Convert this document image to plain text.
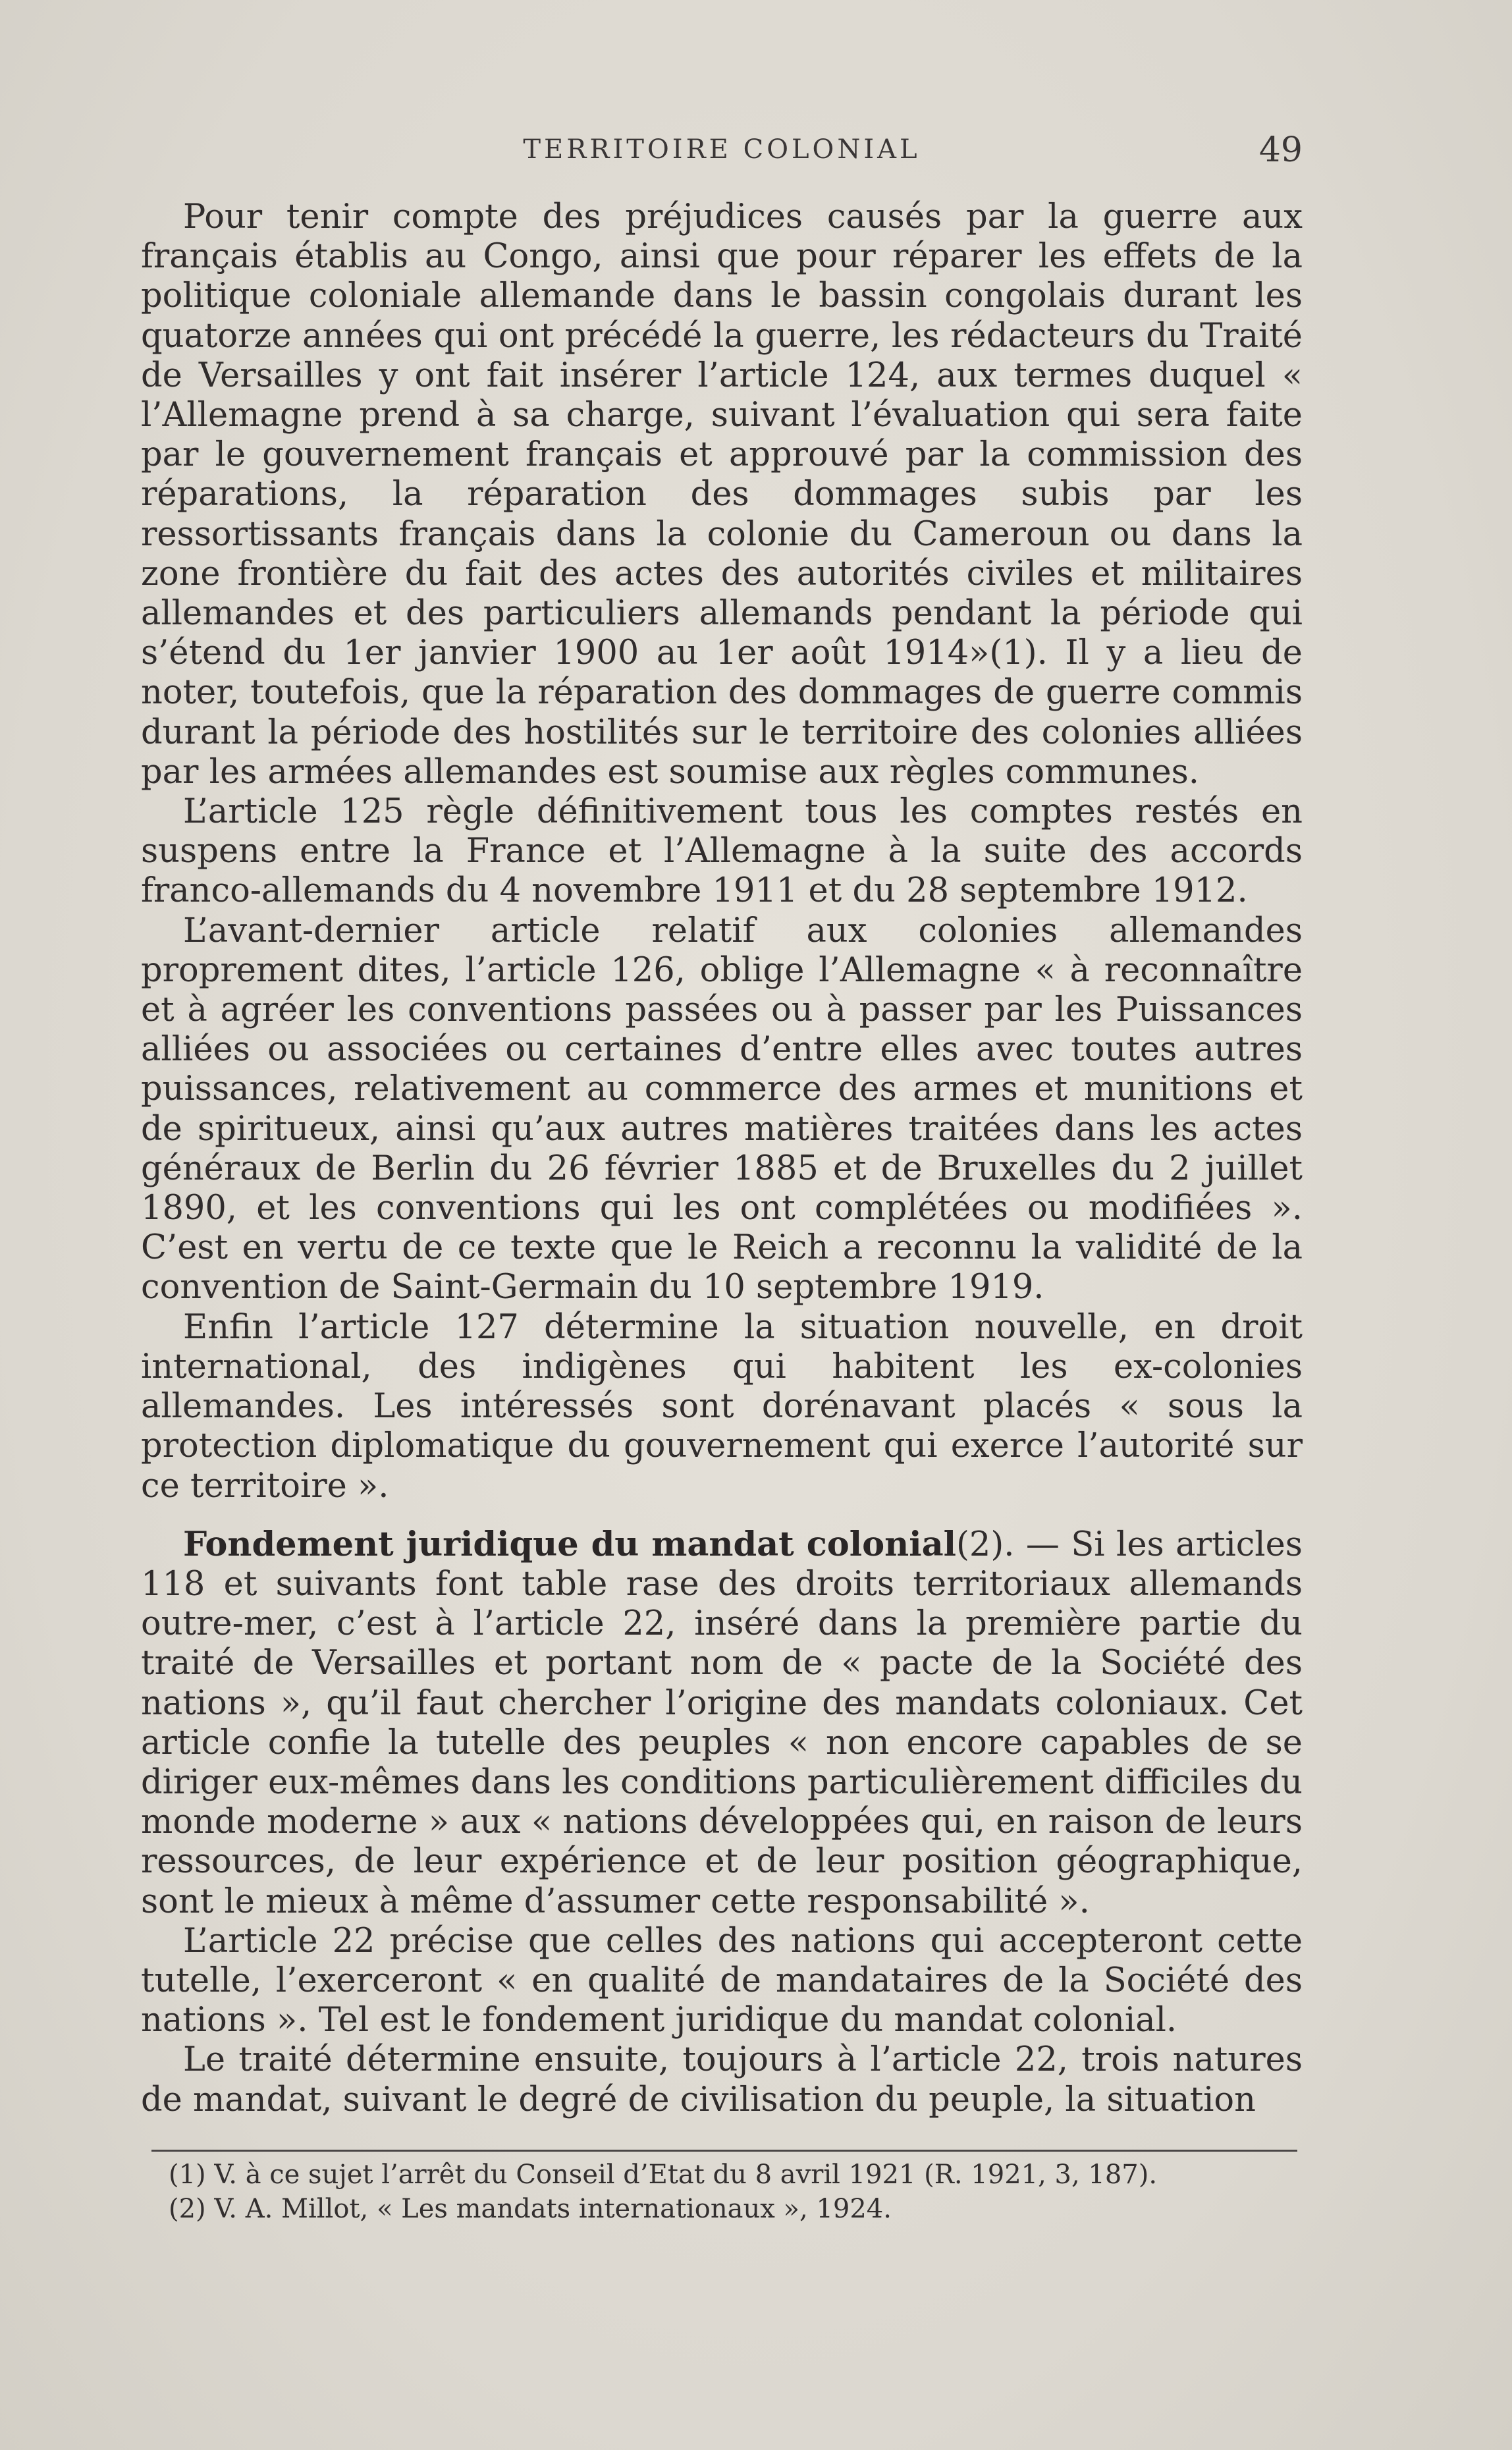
TERRITOIRE COLONIAL	49

Pour tenir compte des préjudices causés par la guerre aux français établis au Congo, ainsi que pour réparer les effets de la politique coloniale allemande dans le bassin congolais durant les quatorze années qui ont précédé la guerre, les rédacteurs du Traité de Versailles y ont fait insérer l’article 124, aux termes duquel « l’Allemagne prend à sa charge, suivant l’évaluation qui sera faite par le gouvernement français et approuvé par la commission des réparations, la réparation des dommages subis par les ressortissants français dans la colonie du Cameroun ou dans la zone frontière du fait des actes des autorités civiles et militaires allemandes et des particuliers allemands pendant la période qui s’étend du 1er janvier 1900 au 1er août 1914»(1). Il y a lieu de noter, toutefois, que la réparation des dommages de guerre commis durant la période des hostilités sur le territoire des colonies alliées par les armées allemandes est soumise aux règles communes.

L’article 125 règle définitivement tous les comptes restés en suspens entre la France et l’Allemagne à la suite des accords franco-allemands du 4 novembre 1911 et du 28 septembre 1912.

L’avant-dernier article relatif aux colonies allemandes proprement dites, l’article 126, oblige l’Allemagne « à reconnaître et à agréer les conventions passées ou à passer par les Puissances alliées ou associées ou certaines d’entre elles avec toutes autres puissances, relativement au commerce des armes et munitions et de spiritueux, ainsi qu’aux autres matières traitées dans les actes généraux de Berlin du 26 février 1885 et de Bruxelles du 2 juillet 1890, et les conventions qui les ont complétées ou modifiées ». C’est en vertu de ce texte que le Reich a reconnu la validité de la convention de Saint-Germain du 10 septembre 1919.

Enfin l’article 127 détermine la situation nouvelle, en droit international, des indigènes qui habitent les ex-colonies allemandes. Les intéressés sont dorénavant placés « sous la protection diplomatique du gouvernement qui exerce l’autorité sur ce territoire ».

Fondement juridique du mandat colonial(2). — Si les articles 118 et suivants font table rase des droits territoriaux allemands outre-mer, c’est à l’article 22, inséré dans la première partie du traité de Versailles et portant nom de « pacte de la Société des nations », qu’il faut chercher l’origine des mandats coloniaux. Cet article confie la tutelle des peuples « non encore capables de se diriger eux-mêmes dans les conditions particulièrement difficiles du monde moderne » aux « nations développées qui, en raison de leurs ressources, de leur expérience et de leur position géographique, sont le mieux à même d’assumer cette responsabilité ».

L’article 22 précise que celles des nations qui accepteront cette tutelle, l’exerceront « en qualité de mandataires de la Société des nations ». Tel est le fondement juridique du mandat colonial.

Le traité détermine ensuite, toujours à l’article 22, trois natures de mandat, suivant le degré de civilisation du peuple, la situation

(1) V. à ce sujet l’arrêt du Conseil d’Etat du 8 avril 1921 (R. 1921, 3, 187).
(2) V. A. Millot, « Les mandats internationaux », 1924.
